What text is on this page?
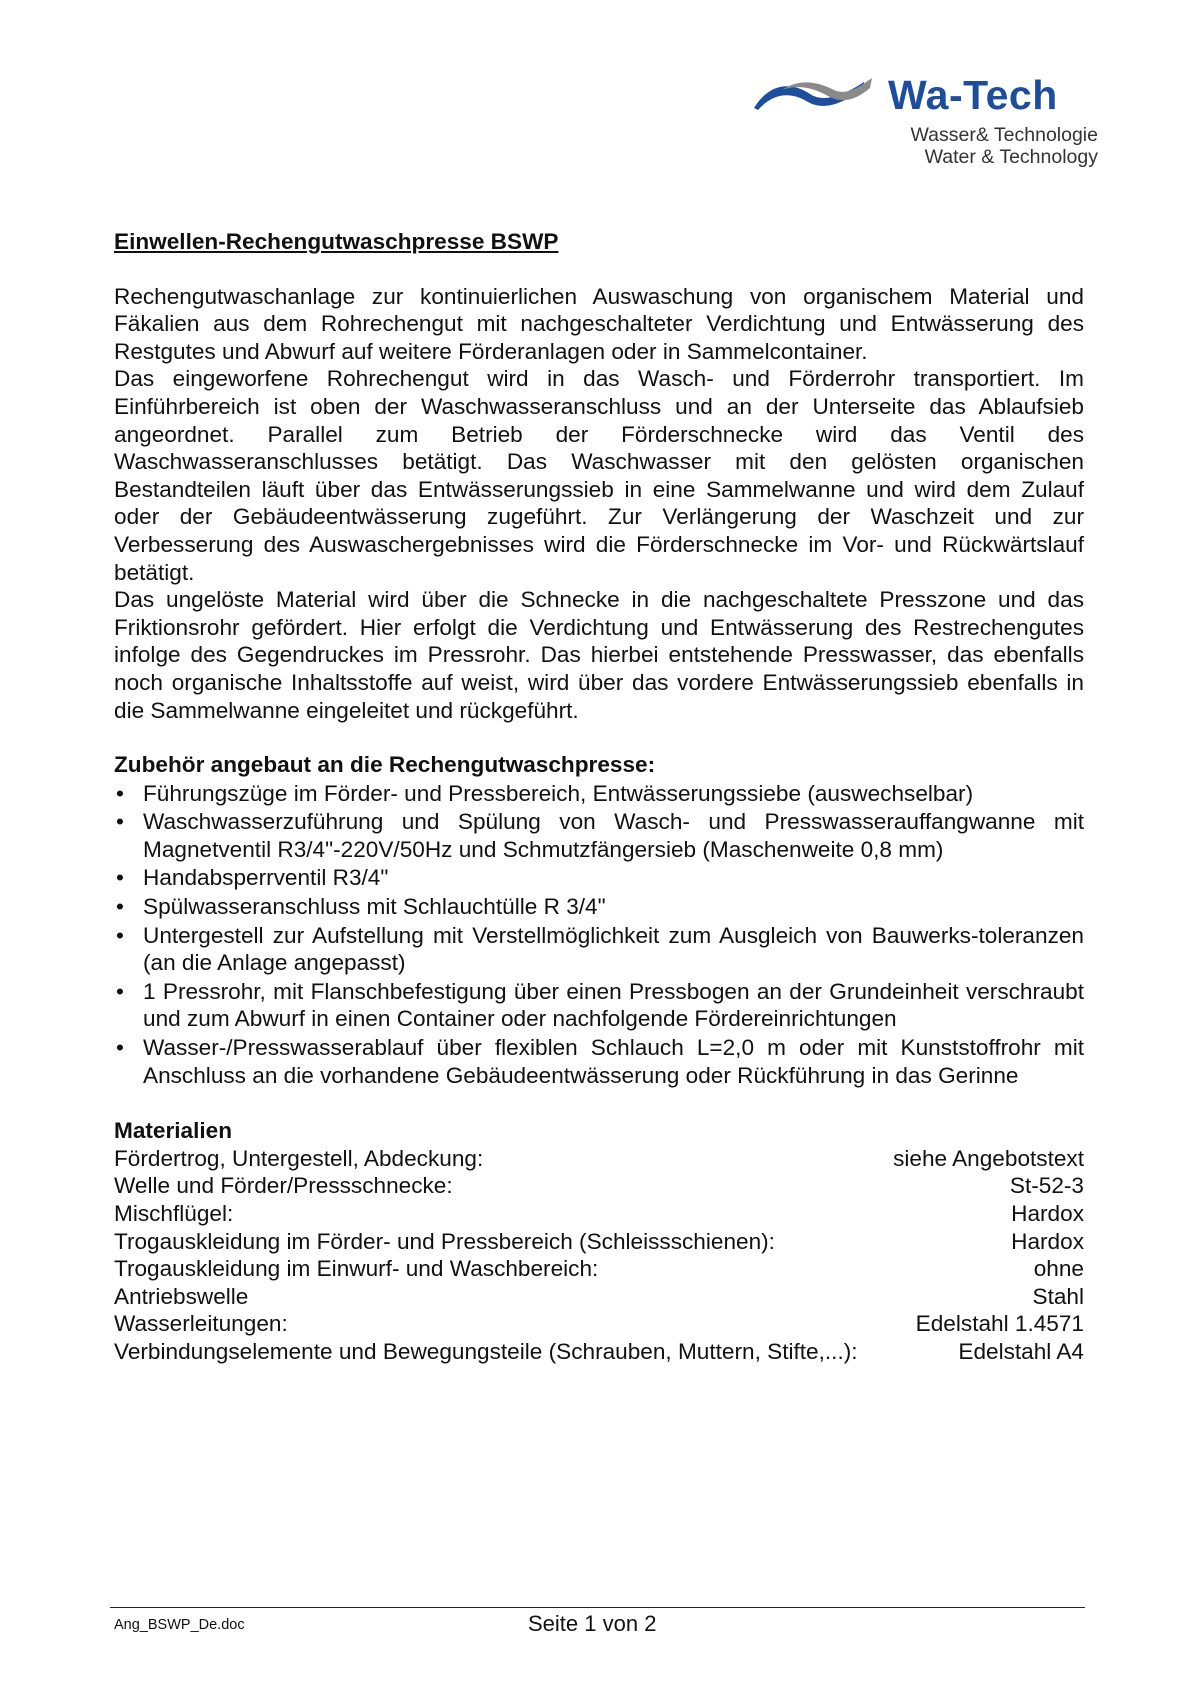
Wa-Tech
Wasser& Technologie
Water & Technology
Einwellen-Rechengutwaschpresse BSWP

Rechengutwaschanlage zur kontinuierlichen Auswaschung von organischem Material und Fäkalien aus dem Rohrechengut mit nachgeschalteter Verdichtung und Entwässerung des Restgutes und Abwurf auf weitere Förderanlagen oder in Sammelcontainer.

Das eingeworfene Rohrechengut wird in das Wasch- und Förderrohr transportiert. Im Einführbereich ist oben der Waschwasseranschluss und an der Unterseite das Ablaufsieb angeordnet. Parallel zum Betrieb der Förderschnecke wird das Ventil des Waschwasseranschlusses betätigt. Das Waschwasser mit den gelösten organischen Bestandteilen läuft über das Entwässerungssieb in eine Sammelwanne und wird dem Zulauf oder der Gebäudeentwässerung zugeführt. Zur Verlängerung der Waschzeit und zur Verbesserung des Auswaschergebnisses wird die Förderschnecke im Vor- und Rückwärtslauf betätigt.

Das ungelöste Material wird über die Schnecke in die nachgeschaltete Presszone und das Friktionsrohr gefördert. Hier erfolgt die Verdichtung und Entwässerung des Restrechengutes infolge des Gegendruckes im Pressrohr. Das hierbei entstehende Presswasser, das ebenfalls noch organische Inhaltsstoffe auf weist, wird über das vordere Entwässerungssieb ebenfalls in die Sammelwanne eingeleitet und rückgeführt.

Zubehör angebaut an die Rechengutwaschpresse:
• Führungszüge im Förder- und Pressbereich, Entwässerungssiebe (auswechselbar)
• Waschwasserzuführung und Spülung von Wasch- und Presswasserauffangwanne mit Magnetventil R3/4"-220V/50Hz und Schmutzfängersieb (Maschenweite 0,8 mm)
• Handabsperrventil R3/4"
• Spülwasseranschluss mit Schlauchtülle R 3/4"
• Untergestell zur Aufstellung mit Verstellmöglichkeit zum Ausgleich von Bauwerks-toleranzen (an die Anlage angepasst)
• 1 Pressrohr, mit Flanschbefestigung über einen Pressbogen an der Grundeinheit verschraubt und zum Abwurf in einen Container oder nachfolgende Fördereinrichtungen
• Wasser-/Presswasserablauf über flexiblen Schlauch L=2,0 m oder mit Kunststoffrohr mit Anschluss an die vorhandene Gebäudeentwässerung oder Rückführung in das Gerinne
Materialien
Fördertrog, Untergestell, Abdeckung:	siehe Angebotstext
Welle und Förder/Pressschnecke:	St-52-3
Mischflügel:	Hardox
Trogauskleidung im Förder- und Pressbereich (Schleissschienen):	Hardox
Trogauskleidung im Einwurf- und Waschbereich:	ohne
Antriebswelle	Stahl
Wasserleitungen:	Edelstahl 1.4571
Verbindungselemente und Bewegungsteile (Schrauben, Muttern, Stifte,...):	Edelstahl A4
Ang_BSWP_De.doc	Seite 1 von 2
